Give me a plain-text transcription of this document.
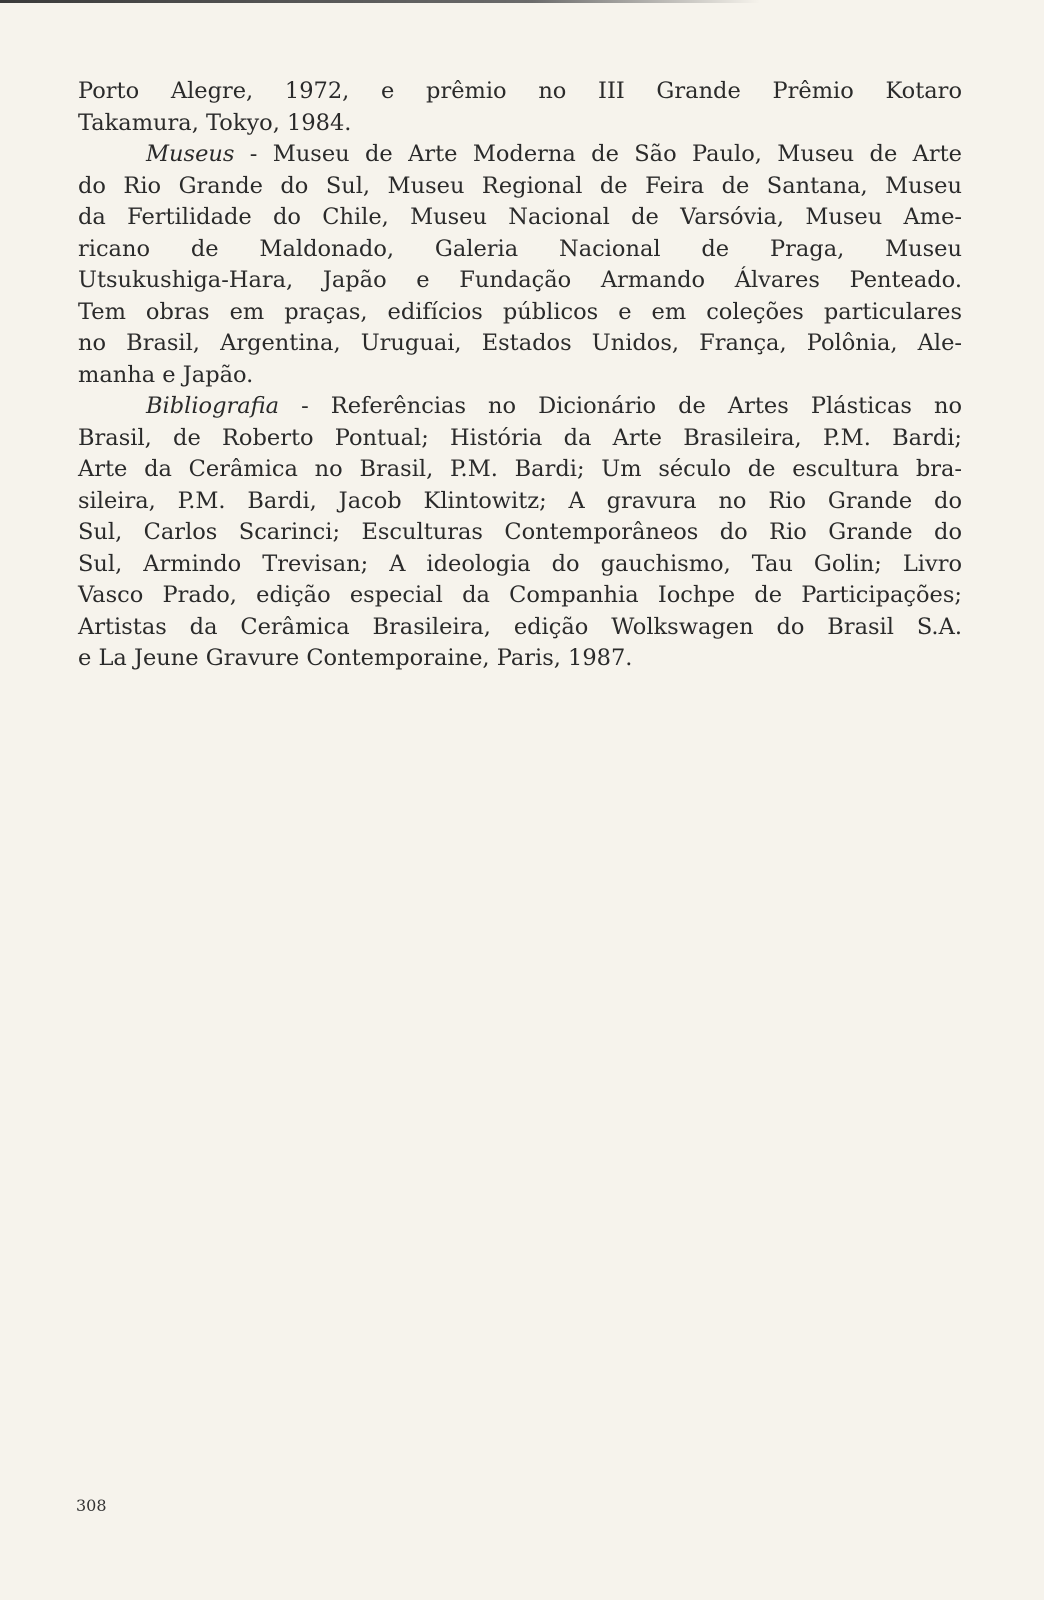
Porto Alegre, 1972, e prêmio no III Grande Prêmio Kotaro
Takamura, Tokyo, 1984.
Museus - Museu de Arte Moderna de São Paulo, Museu de Arte
do Rio Grande do Sul, Museu Regional de Feira de Santana, Museu
da Fertilidade do Chile, Museu Nacional de Varsóvia, Museu Ame-
ricano de Maldonado, Galeria Nacional de Praga, Museu
Utsukushiga-Hara, Japão e Fundação Armando Álvares Penteado.
Tem obras em praças, edifícios públicos e em coleções particulares
no Brasil, Argentina, Uruguai, Estados Unidos, França, Polônia, Ale-
manha e Japão.
Bibliografia - Referências no Dicionário de Artes Plásticas no
Brasil, de Roberto Pontual; História da Arte Brasileira, P.M. Bardi;
Arte da Cerâmica no Brasil, P.M. Bardi; Um século de escultura bra-
sileira, P.M. Bardi, Jacob Klintowitz; A gravura no Rio Grande do
Sul, Carlos Scarinci; Esculturas Contemporâneos do Rio Grande do
Sul, Armindo Trevisan; A ideologia do gauchismo, Tau Golin; Livro
Vasco Prado, edição especial da Companhia Iochpe de Participações;
Artistas da Cerâmica Brasileira, edição Wolkswagen do Brasil S.A.
e La Jeune Gravure Contemporaine, Paris, 1987.
308
